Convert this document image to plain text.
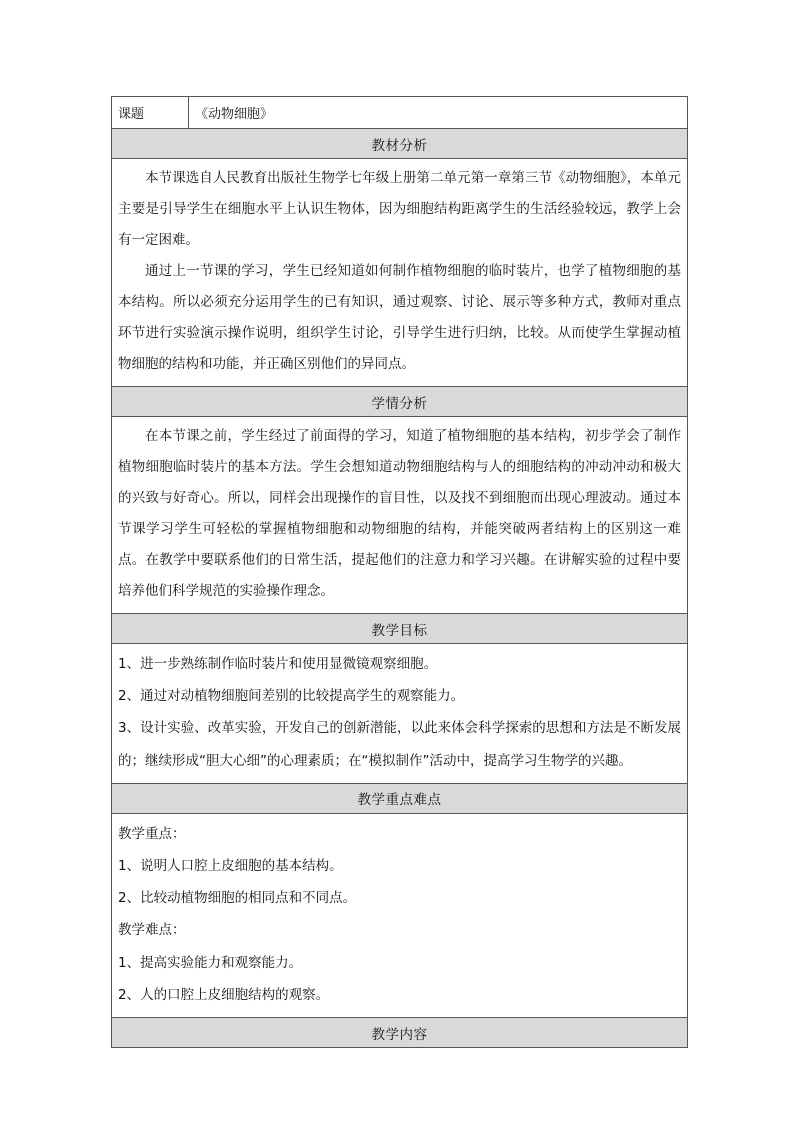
课题	《动物细胞》
教材分析

本节课选自人民教育出版社生物学七年级上册第二单元第一章第三节《动物细胞》，本单元主要是引导学生在细胞水平上认识生物体，因为细胞结构距离学生的生活经验较远，教学上会有一定困难。

通过上一节课的学习，学生已经知道如何制作植物细胞的临时装片，也学了植物细胞的基本结构。所以必须充分运用学生的已有知识，通过观察、讨论、展示等多种方式，教师对重点环节进行实验演示操作说明，组织学生讨论，引导学生进行归纳，比较。从而使学生掌握动植物细胞的结构和功能，并正确区别他们的异同点。

学情分析

在本节课之前，学生经过了前面得的学习，知道了植物细胞的基本结构，初步学会了制作植物细胞临时装片的基本方法。学生会想知道动物细胞结构与人的细胞结构的冲动冲动和极大的兴致与好奇心。所以，同样会出现操作的盲目性，以及找不到细胞而出现心理波动。通过本节课学习学生可轻松的掌握植物细胞和动物细胞的结构，并能突破两者结构上的区别这一难点。在教学中要联系他们的日常生活，提起他们的注意力和学习兴趣。在讲解实验的过程中要培养他们科学规范的实验操作理念。

教学目标

1、进一步熟练制作临时装片和使用显微镜观察细胞。

2、通过对动植物细胞间差别的比较提高学生的观察能力。

3、设计实验、改革实验，开发自己的创新潜能，以此来体会科学探索的思想和方法是不断发展的；继续形成“胆大心细”的心理素质；在“模拟制作”活动中，提高学习生物学的兴趣。

教学重点难点

教学重点：

1、说明人口腔上皮细胞的基本结构。

2、比较动植物细胞的相同点和不同点。

教学难点：

1、提高实验能力和观察能力。

2、人的口腔上皮细胞结构的观察。

教学内容
